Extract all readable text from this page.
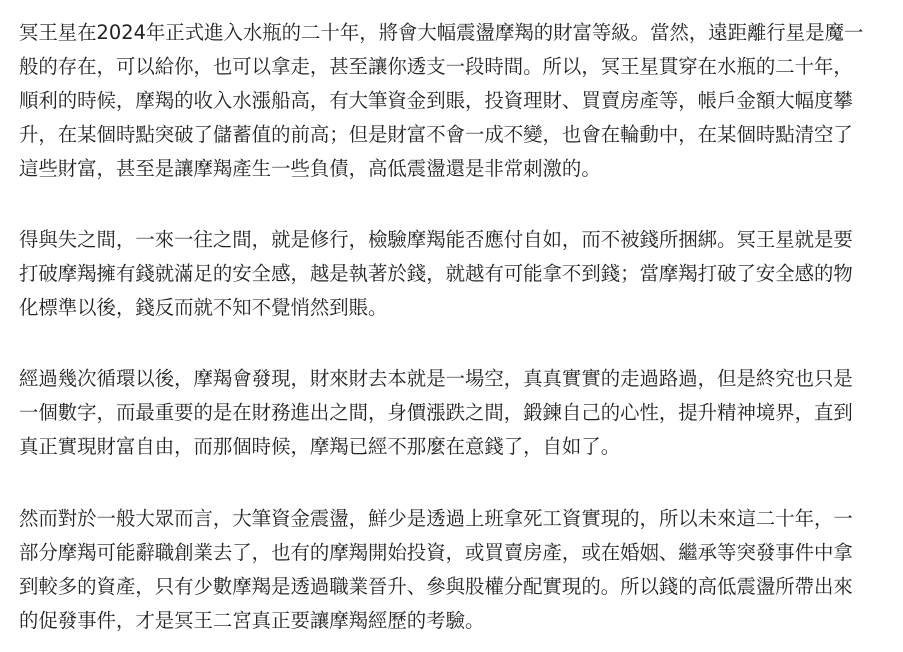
冥王星在2024年正式進入水瓶的二十年，將會大幅震盪摩羯的財富等級。當然，遠距離行星是魔一
般的存在，可以給你，也可以拿走，甚至讓你透支一段時間。所以，冥王星貫穿在水瓶的二十年，
順利的時候，摩羯的收入水漲船高，有大筆資金到賬，投資理財、買賣房產等，帳戶金額大幅度攀
升，在某個時點突破了儲蓄值的前高；但是財富不會一成不變，也會在輪動中，在某個時點清空了
這些財富，甚至是讓摩羯產生一些負債，高低震盪還是非常刺激的。
得與失之間，一來一往之間，就是修行，檢驗摩羯能否應付自如，而不被錢所捆綁。冥王星就是要
打破摩羯擁有錢就滿足的安全感，越是執著於錢，就越有可能拿不到錢；當摩羯打破了安全感的物
化標準以後，錢反而就不知不覺悄然到賬。
經過幾次循環以後，摩羯會發現，財來財去本就是一場空，真真實實的走過路過，但是終究也只是
一個數字，而最重要的是在財務進出之間，身價漲跌之間，鍛鍊自己的心性，提升精神境界，直到
真正實現財富自由，而那個時候，摩羯已經不那麼在意錢了，自如了。
然而對於一般大眾而言，大筆資金震盪，鮮少是透過上班拿死工資實現的，所以未來這二十年，一
部分摩羯可能辭職創業去了，也有的摩羯開始投資，或買賣房產，或在婚姻、繼承等突發事件中拿
到較多的資產，只有少數摩羯是透過職業晉升、參與股權分配實現的。所以錢的高低震盪所帶出來
的促發事件，才是冥王二宮真正要讓摩羯經歷的考驗。
